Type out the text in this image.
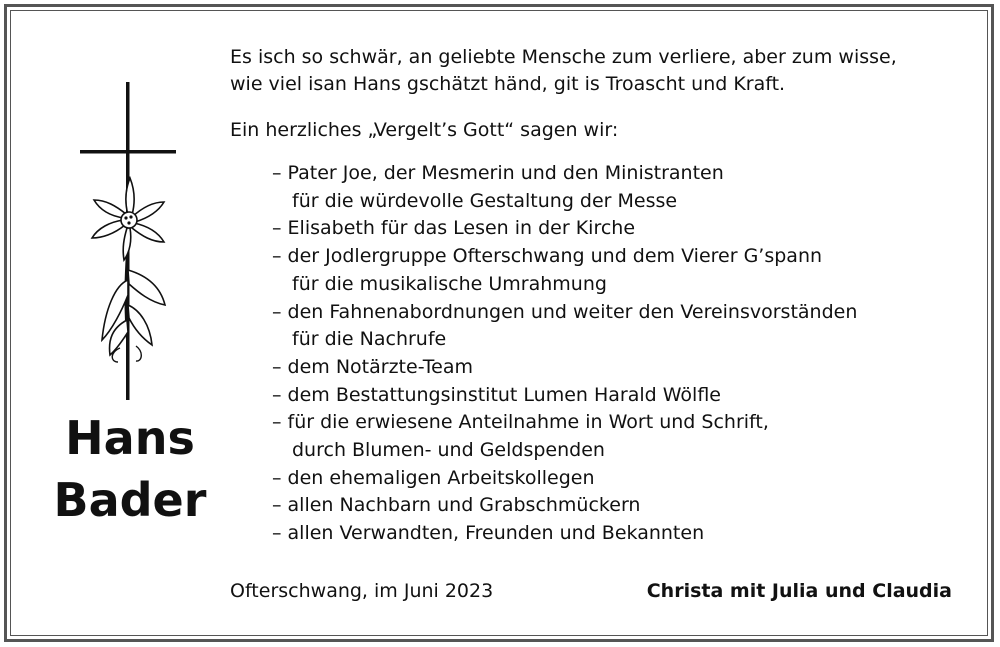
Hans
Bader
Es isch so schwär, an geliebte Mensche zum verliere, aber zum wisse,
wie viel isan Hans gschätzt händ, git is Troascht und Kraft.
Ein herzliches „Vergelt’s Gott“ sagen wir:
– Pater Joe, der Mesmerin und den Ministranten
für die würdevolle Gestaltung der Messe
– Elisabeth für das Lesen in der Kirche
– der Jodlergruppe Ofterschwang und dem Vierer G’spann
für die musikalische Umrahmung
– den Fahnenabordnungen und weiter den Vereinsvorständen
für die Nachrufe
– dem Notärzte-Team
– dem Bestattungsinstitut Lumen Harald Wölfle
– für die erwiesene Anteilnahme in Wort und Schrift,
durch Blumen- und Geldspenden
– den ehemaligen Arbeitskollegen
– allen Nachbarn und Grabschmückern
– allen Verwandten, Freunden und Bekannten
Ofterschwang, im Juni 2023	Christa mit Julia und Claudia
